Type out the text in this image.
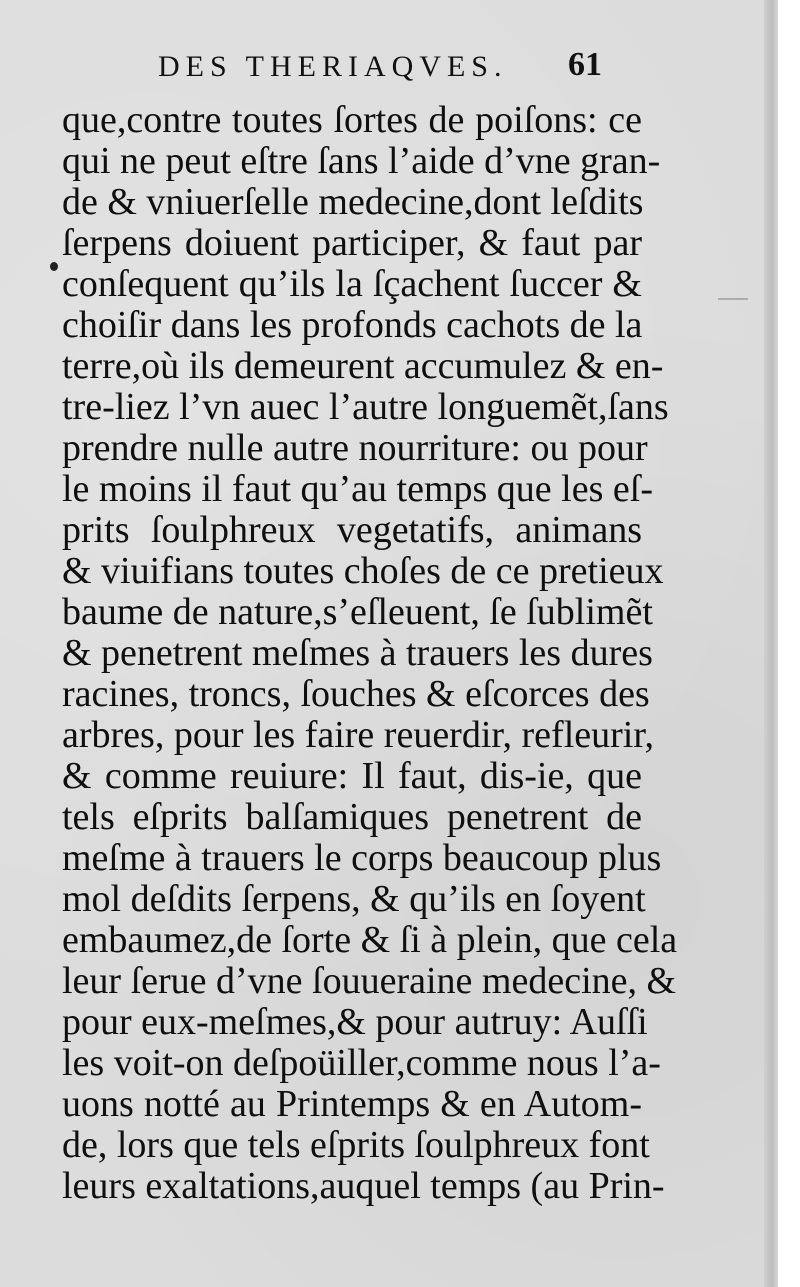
DES THERIAQVES. 61
que,contre toutes ſortes de poiſons: ce
qui ne peut eſtre ſans l’aide d’vne gran-
de & vniuerſelle medecine,dont leſdits
ſerpens doiuent participer, & faut par
conſequent qu’ils la ſçachent ſuccer &
choiſir dans les profonds cachots de la
terre,où ils demeurent accumulez & en-
tre-liez l’vn auec l’autre longuemẽt,ſans
prendre nulle autre nourriture: ou pour
le moins il faut qu’au temps que les eſ-
prits ſoulphreux vegetatifs, animans
& viuifians toutes choſes de ce pretieux
baume de nature,s’eſleuent, ſe ſublimẽt
& penetrent meſmes à trauers les dures
racines, troncs, ſouches & eſcorces des
arbres, pour les faire reuerdir, refleurir,
& comme reuiure: Il faut, dis-ie, que
tels eſprits balſamiques penetrent de
meſme à trauers le corps beaucoup plus
mol deſdits ſerpens, & qu’ils en ſoyent
embaumez,de ſorte & ſi à plein, que cela
leur ſerue d’vne ſouueraine medecine, &
pour eux-meſmes,& pour autruy: Auſſi
les voit-on deſpoüiller,comme nous l’a-
uons notté au Printemps & en Autom-
de, lors que tels eſprits ſoulphreux font
leurs exaltations,auquel temps (au Prin-
